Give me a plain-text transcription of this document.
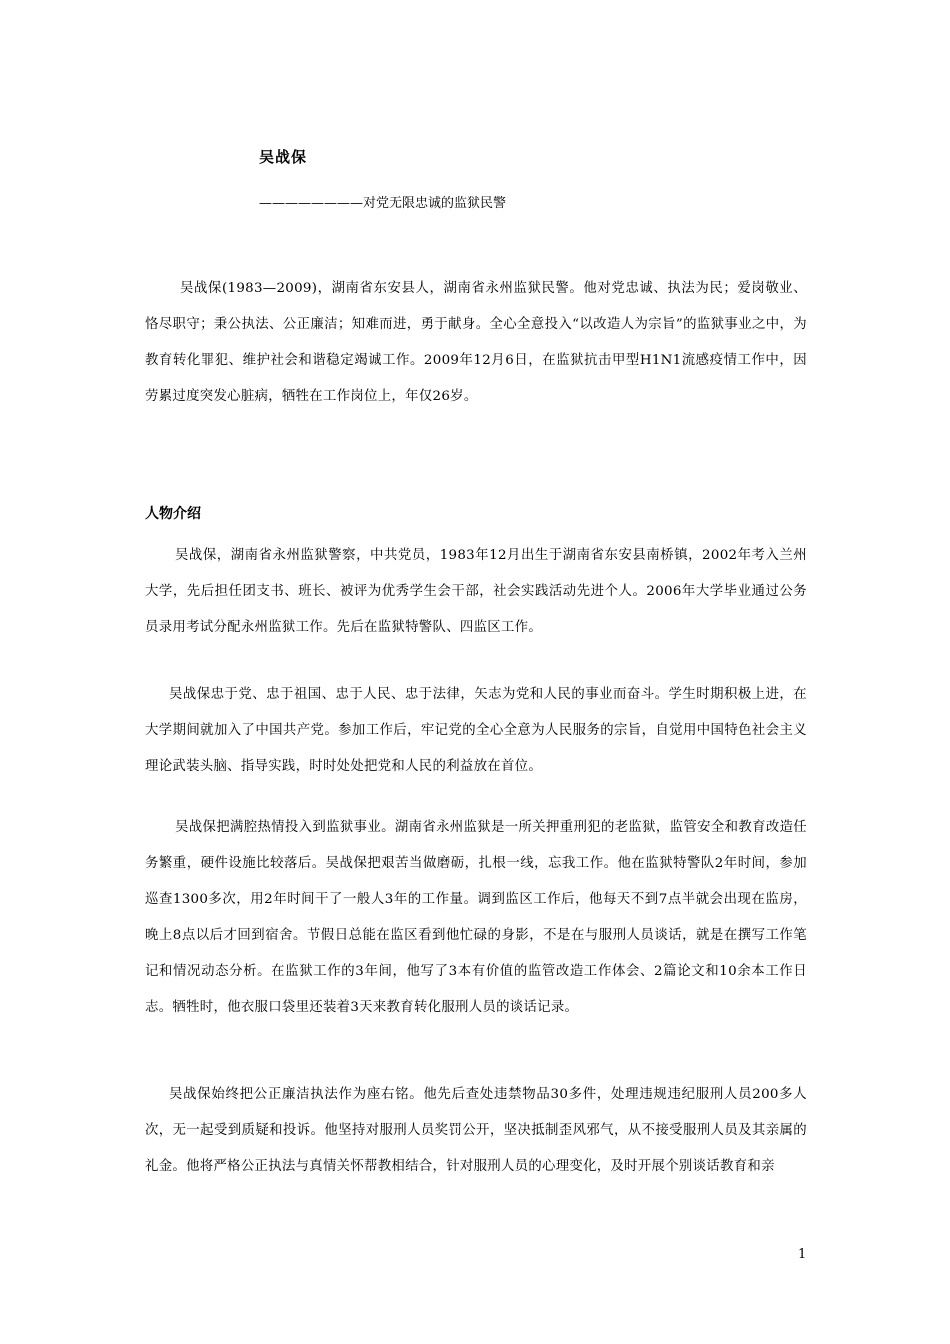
吴战保

————————对党无限忠诚的监狱民警

吴战保(1983—2009)，湖南省东安县人，湖南省永州监狱民警。他对党忠诚、执法为民；爱岗敬业、恪尽职守；秉公执法、公正廉洁；知难而进，勇于献身。全心全意投入“以改造人为宗旨”的监狱事业之中，为教育转化罪犯、维护社会和谐稳定竭诚工作。2009年12月6日，在监狱抗击甲型H1N1流感疫情工作中，因劳累过度突发心脏病，牺牲在工作岗位上，年仅26岁。

人物介绍

吴战保，湖南省永州监狱警察，中共党员，1983年12月出生于湖南省东安县南桥镇，2002年考入兰州大学，先后担任团支书、班长、被评为优秀学生会干部，社会实践活动先进个人。2006年大学毕业通过公务员录用考试分配永州监狱工作。先后在监狱特警队、四监区工作。

吴战保忠于党、忠于祖国、忠于人民、忠于法律，矢志为党和人民的事业而奋斗。学生时期积极上进，在大学期间就加入了中国共产党。参加工作后，牢记党的全心全意为人民服务的宗旨，自觉用中国特色社会主义理论武装头脑、指导实践，时时处处把党和人民的利益放在首位。

吴战保把满腔热情投入到监狱事业。湖南省永州监狱是一所关押重刑犯的老监狱，监管安全和教育改造任务繁重，硬件设施比较落后。吴战保把艰苦当做磨砺，扎根一线，忘我工作。他在监狱特警队2年时间，参加巡查1300多次，用2年时间干了一般人3年的工作量。调到监区工作后，他每天不到7点半就会出现在监房，晚上8点以后才回到宿舍。节假日总能在监区看到他忙碌的身影，不是在与服刑人员谈话，就是在撰写工作笔记和情况动态分析。在监狱工作的3年间，他写了3本有价值的监管改造工作体会、2篇论文和10余本工作日志。牺牲时，他衣服口袋里还装着3天来教育转化服刑人员的谈话记录。

吴战保始终把公正廉洁执法作为座右铭。他先后查处违禁物品30多件，处理违规违纪服刑人员200多人次，无一起受到质疑和投诉。他坚持对服刑人员奖罚公开，坚决抵制歪风邪气，从不接受服刑人员及其亲属的礼金。他将严格公正执法与真情关怀帮教相结合，针对服刑人员的心理变化，及时开展个别谈话教育和亲

1
